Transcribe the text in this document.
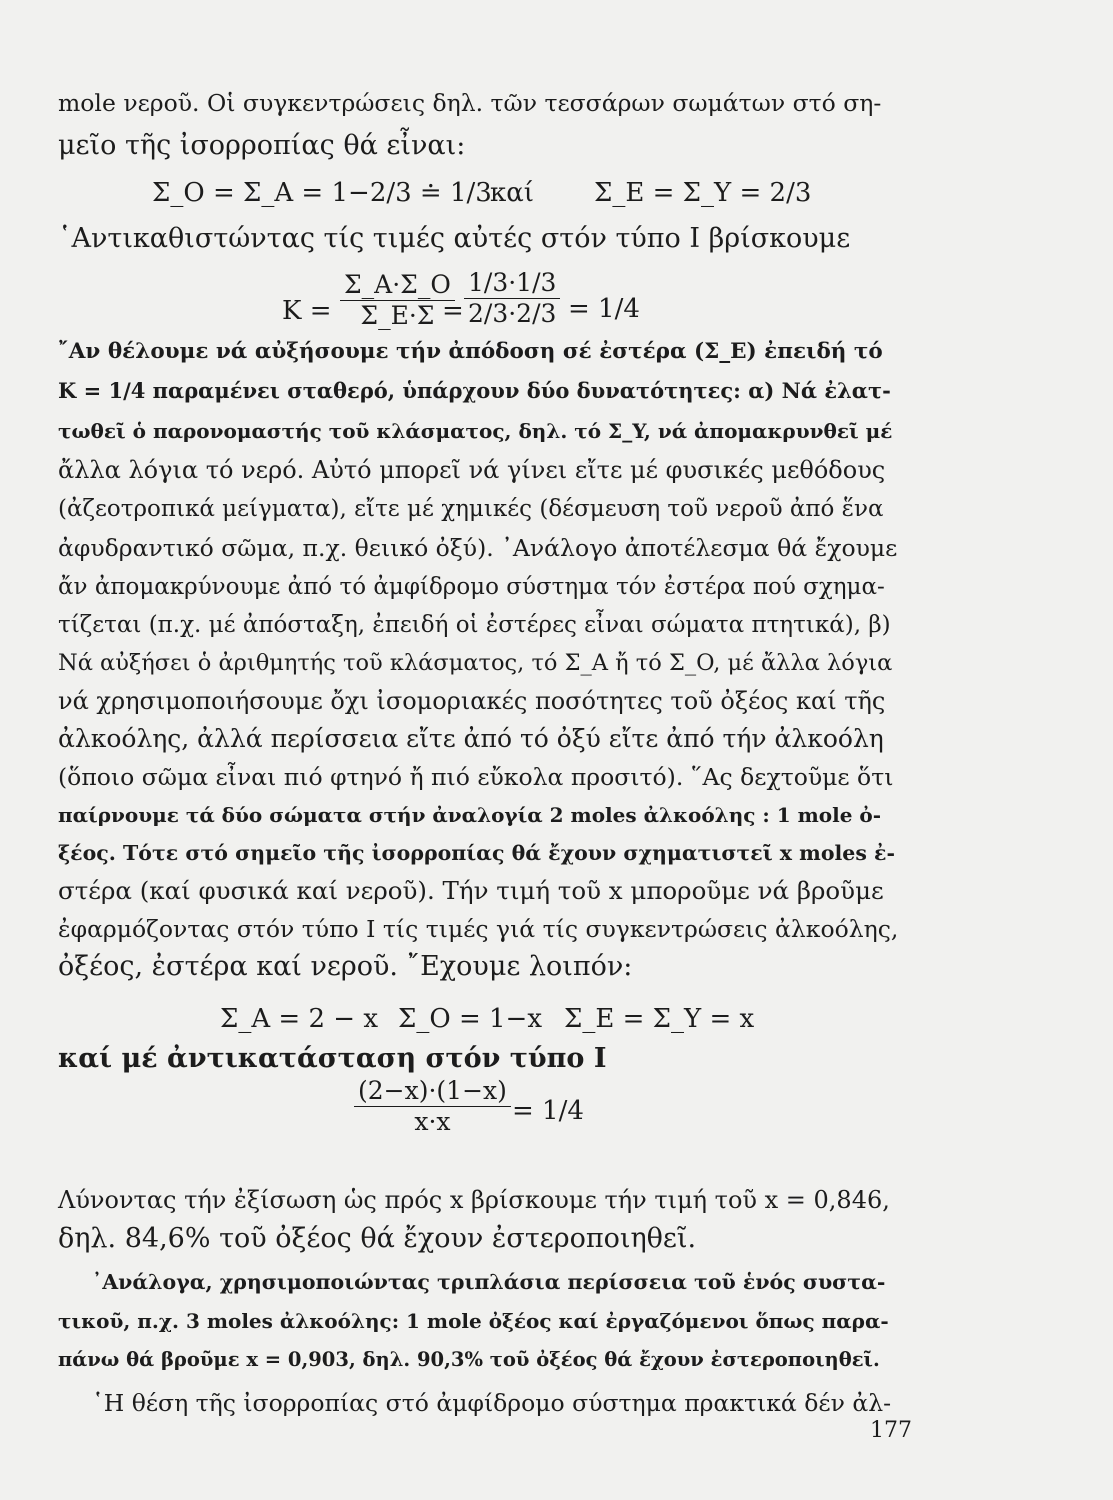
mole νεροῦ. Οἱ συγκεντρώσεις δηλ. τῶν τεσσάρων σωμάτων στό ση-
μεῖο τῆς ἰσορροπίας θά εἶναι:
Σ_O = Σ_A = 1−2/3 ≐ 1/3
καί Σ_E = Σ_Y = 2/3
῾Αντικαθιστώντας τίς τιμές αὐτές στόν τύπο Ι βρίσκουμε
$K = \frac{\Sigma\_A\cdot\Sigma\_O}{\Sigma\_E\cdot\Sigma}$
= $\frac{1/3\cdot 1/3}{2/3\cdot 2/3} = 1/4$
῎Αν θέλουμε νά αὐξήσουμε τήν ἀπόδοση σέ ἐστέρα (Σ_E) ἐπειδή τό
K = 1/4 παραμένει σταθερό, ὑπάρχουν δύο δυνατότητες: α) Νά ἐλατ-
τωθεῖ ὁ παρονομαστής τοῦ κλάσματος, δηλ. τό Σ_Y, νά ἀπομακρυνθεῖ μέ
ἄλλα λόγια τό νερό. Αὐτό μπορεῖ νά γίνει εἴτε μέ φυσικές μεθόδους
(ἀζεοτροπικά μείγματα), εἴτε μέ χημικές (δέσμευση τοῦ νεροῦ ἀπό ἕνα
ἀφυδραντικό σῶμα, π.χ. θειικό ὀξύ). ᾿Ανάλογο ἀποτέλεσμα θά ἔχουμε
ἄν ἀπομακρύνουμε ἀπό τό ἀμφίδρομο σύστημα τόν ἐστέρα πού σχημα-
τίζεται (π.χ. μέ ἀπόσταξη, ἐπειδή οἱ ἐστέρες εἶναι σώματα πτητικά), β)
Νά αὐξήσει ὁ ἀριθμητής τοῦ κλάσματος, τό Σ_A ἤ τό Σ_O, μέ ἄλλα λόγια
νά χρησιμοποιήσουμε ὄχι ἰσομοριακές ποσότητες τοῦ ὀξέος καί τῆς
ἀλκοόλης, ἀλλά περίσσεια εἴτε ἀπό τό ὀξύ εἴτε ἀπό τήν ἀλκοόλη
(ὅποιο σῶμα εἶναι πιό φτηνό ἤ πιό εὔκολα προσιτό). ῞Ας δεχτοῦμε ὅτι
παίρνουμε τά δύο σώματα στήν ἀναλογία 2 moles ἀλκοόλης : 1 mole ὀ-
ξέος. Τότε στό σημεῖο τῆς ἰσορροπίας θά ἔχουν σχηματιστεῖ x moles ἐ-
στέρα (καί φυσικά καί νεροῦ). Τήν τιμή τοῦ x μποροῦμε νά βροῦμε
ἐφαρμόζοντας στόν τύπο Ι τίς τιμές γιά τίς συγκεντρώσεις ἀλκοόλης,
ὀξέος, ἐστέρα καί νεροῦ. ῎Εχουμε λοιπόν:
Σ_A = 2 − x Σ_O = 1−x Σ_E = Σ_Y = x
καί μέ ἀντικατάσταση στόν τύπο Ι
$\frac{(2-x)\cdot(1-x)}{x\cdot x} = 1/4$
Λύνοντας τήν ἐξίσωση ὡς πρός x βρίσκουμε τήν τιμή τοῦ x = 0,846,
δηλ. 84,6% τοῦ ὀξέος θά ἔχουν ἐστεροποιηθεῖ.
᾿Ανάλογα, χρησιμοποιώντας τριπλάσια περίσσεια τοῦ ἑνός συστα-
τικοῦ, π.χ. 3 moles ἀλκοόλης: 1 mole ὀξέος καί ἐργαζόμενοι ὅπως παρα-
πάνω θά βροῦμε x = 0,903, δηλ. 90,3% τοῦ ὀξέος θά ἔχουν ἐστεροποιηθεῖ.
῾Η θέση τῆς ἰσορροπίας στό ἀμφίδρομο σύστημα πρακτικά δέν ἀλ-
177
